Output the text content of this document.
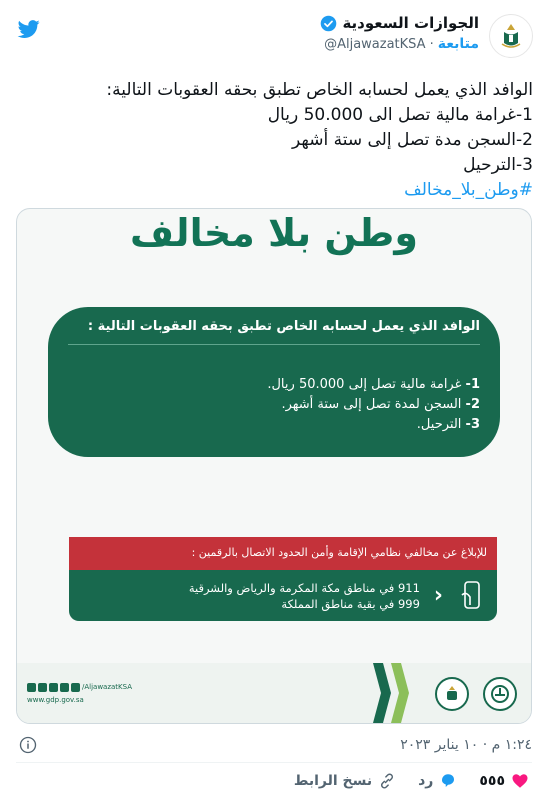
الجوازات السعودية
متابعة
·
@AljawazatKSA
الوافد الذي يعمل لحسابه الخاص تطبق بحقه العقوبات التالية:
1-غرامة مالية تصل الى 50.000 ريال
2-السجن مدة تصل إلى ستة أشهر
3-الترحيل
#وطن_بلا_مخالف
وطن بلا مخالف
الوافد الذي يعمل لحسابه الخاص تطبق بحقه العقوبات التالية :
1- غرامة مالية تصل إلى 50.000 ريال.
2- السجن لمدة تصل إلى ستة أشهر.
3- الترحيل.
للإبلاغ عن مخالفي نظامي الإقامة وأمن الحدود الاتصال بالرقمين :
‹
911 في مناطق مكة المكرمة والرياض والشرقية
999 في بقية مناطق المملكة
/AljawazatKSA
www.gdp.gov.sa
١:٢٤ م · ١٠ يناير ٢٠٢٣
٥٥٥
رد
نسخ الرابط
